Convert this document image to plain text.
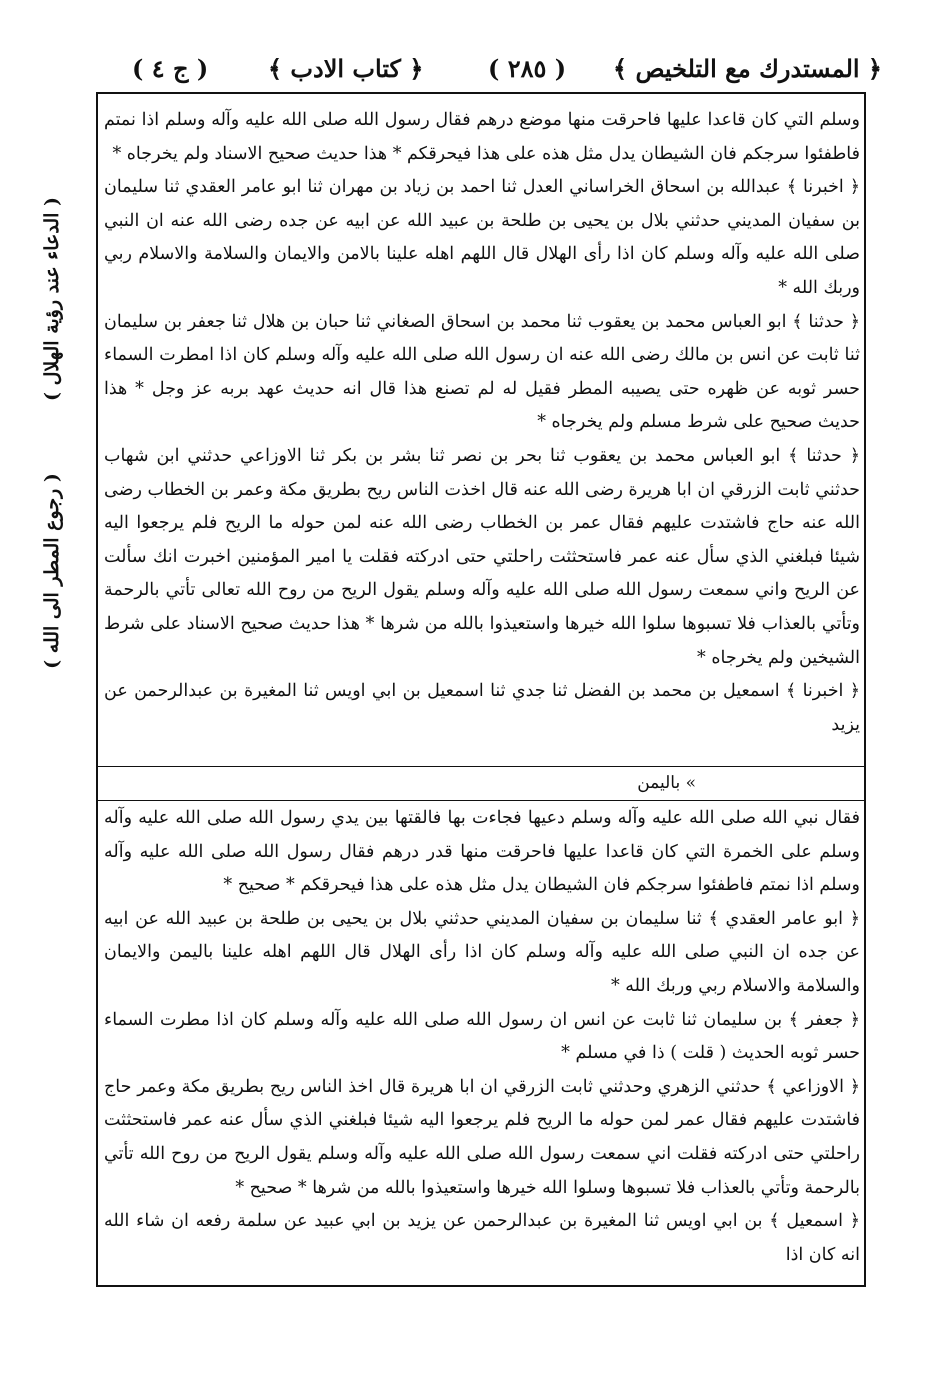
﴿ المستدرك مع التلخيص ﴾
( ٢٨٥ )
﴿ كتاب الادب ﴾
( ج ٤ )

وسلم التي كان قاعدا عليها فاحرقت منها موضع درهم فقال رسول الله صلى الله عليه وآله وسلم اذا نمتم فاطفئوا سرجكم فان الشيطان يدل مثل هذه على هذا فيحرقكم * هذا حديث صحيح الاسناد ولم يخرجاه *

﴿ اخبرنا ﴾ عبدالله بن اسحاق الخراساني العدل ثنا احمد بن زياد بن مهران ثنا ابو عامر العقدي ثنا سليمان بن سفيان المديني حدثني بلال بن يحيى بن طلحة بن عبيد الله عن ابيه عن جده رضى الله عنه ان النبي صلى الله عليه وآله وسلم كان اذا رأى الهلال قال اللهم اهله علينا بالامن والايمان والسلامة والاسلام ربي وربك الله *

﴿ حدثنا ﴾ ابو العباس محمد بن يعقوب ثنا محمد بن اسحاق الصغاني ثنا حبان بن هلال ثنا جعفر بن سليمان ثنا ثابت عن انس بن مالك رضى الله عنه ان رسول الله صلى الله عليه وآله وسلم كان اذا امطرت السماء حسر ثوبه عن ظهره حتى يصيبه المطر فقيل له لم تصنع هذا قال انه حديث عهد بربه عز وجل * هذا حديث صحيح على شرط مسلم ولم يخرجاه *

﴿ حدثنا ﴾ ابو العباس محمد بن يعقوب ثنا بحر بن نصر ثنا بشر بن بكر ثنا الاوزاعي حدثني ابن شهاب حدثني ثابت الزرقي ان ابا هريرة رضى الله عنه قال اخذت الناس ريح بطريق مكة وعمر بن الخطاب رضى الله عنه حاج فاشتدت عليهم فقال عمر بن الخطاب رضى الله عنه لمن حوله ما الريح فلم يرجعوا اليه شيئا فبلغني الذي سأل عنه عمر فاستحثثت راحلتي حتى ادركته فقلت يا امير المؤمنين اخبرت انك سألت عن الريح واني سمعت رسول الله صلى الله عليه وآله وسلم يقول الريح من روح الله تعالى تأتي بالرحمة وتأتي بالعذاب فلا تسبوها سلوا الله خيرها واستعيذوا بالله من شرها * هذا حديث صحيح الاسناد على شرط الشيخين ولم يخرجاه *

﴿ اخبرنا ﴾ اسمعيل بن محمد بن الفضل ثنا جدي ثنا اسمعيل بن ابي اويس ثنا المغيرة بن عبدالرحمن عن يزيد

» باليمن

فقال نبي الله صلى الله عليه وآله وسلم دعيها فجاءت بها فالقتها بين يدي رسول الله صلى الله عليه وآله وسلم على الخمرة التي كان قاعدا عليها فاحرقت منها قدر درهم فقال رسول الله صلى الله عليه وآله وسلم اذا نمتم فاطفئوا سرجكم فان الشيطان يدل مثل هذه على هذا فيحرقكم * صحيح *

﴿ ابو عامر العقدي ﴾ ثنا سليمان بن سفيان المديني حدثني بلال بن يحيى بن طلحة بن عبيد الله عن ابيه عن جده ان النبي صلى الله عليه وآله وسلم كان اذا رأى الهلال قال اللهم اهله علينا باليمن والايمان والسلامة والاسلام ربي وربك الله *

﴿ جعفر ﴾ بن سليمان ثنا ثابت عن انس ان رسول الله صلى الله عليه وآله وسلم كان اذا مطرت السماء حسر ثوبه الحديث ( قلت ) ذا في مسلم *

﴿ الاوزاعي ﴾ حدثني الزهري وحدثني ثابت الزرقي ان ابا هريرة قال اخذ الناس ريح بطريق مكة وعمر حاج فاشتدت عليهم فقال عمر لمن حوله ما الريح فلم يرجعوا اليه شيئا فبلغني الذي سأل عنه عمر فاستحثثت راحلتي حتى ادركته فقلت اني سمعت رسول الله صلى الله عليه وآله وسلم يقول الريح من روح الله تأتي بالرحمة وتأتي بالعذاب فلا تسبوها وسلوا الله خيرها واستعيذوا بالله من شرها * صحيح *

﴿ اسمعيل ﴾ بن ابي اويس ثنا المغيرة بن عبدالرحمن عن يزيد بن ابي عبيد عن سلمة رفعه ان شاء الله انه كان اذا

( الدعاء عند رؤية الهلال )
( رجوع المطر الى الله )
